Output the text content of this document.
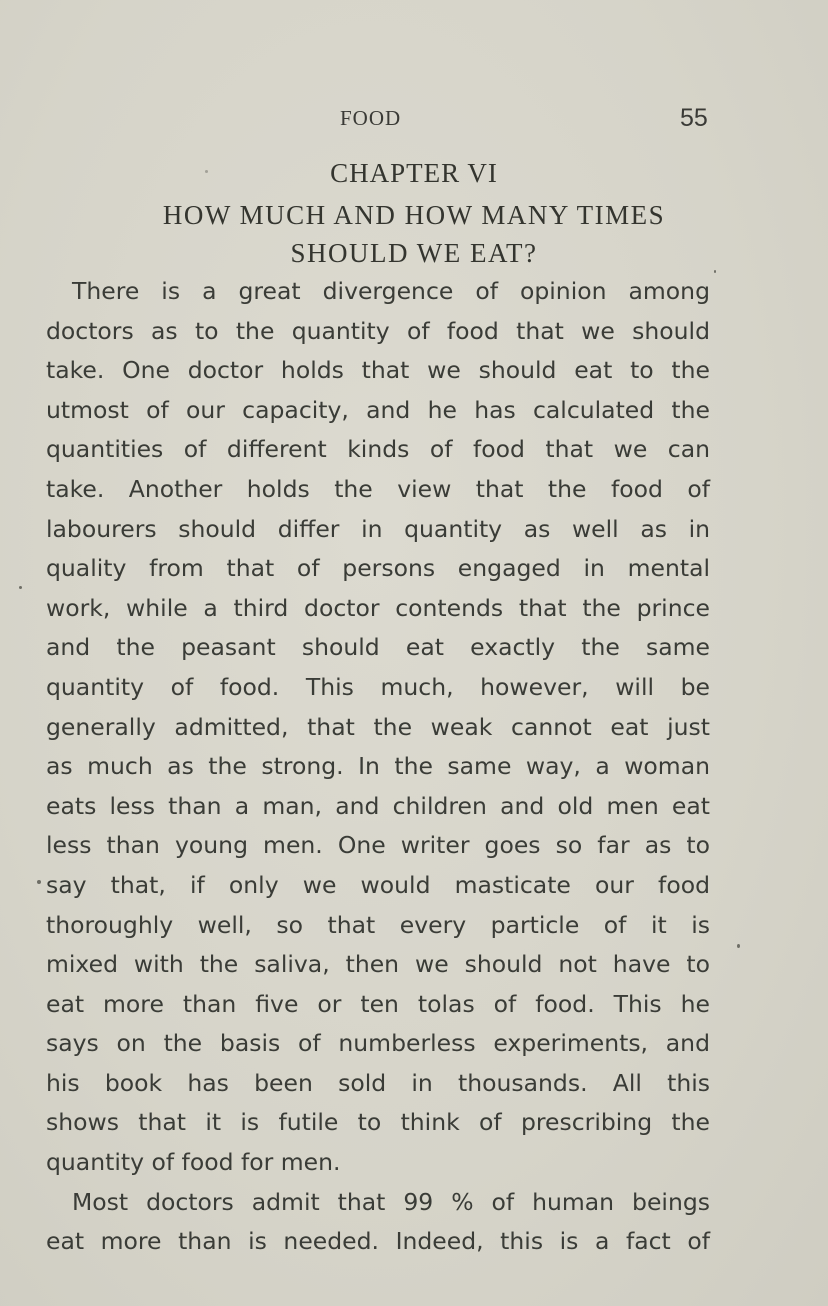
FOOD	55
CHAPTER VI
HOW MUCH AND HOW MANY TIMES
SHOULD WE EAT?
There is a great divergence of opinion among
doctors as to the quantity of food that we should
take. One doctor holds that we should eat to the
utmost of our capacity, and he has calculated the
quantities of different kinds of food that we can
take. Another holds the view that the food of
labourers should differ in quantity as well as in
quality from that of persons engaged in mental
work, while a third doctor contends that the prince
and the peasant should eat exactly the same
quantity of food. This much, however, will be
generally admitted, that the weak cannot eat just
as much as the strong. In the same way, a woman
eats less than a man, and children and old men eat
less than young men. One writer goes so far as to
say that, if only we would masticate our food
thoroughly well, so that every particle of it is
mixed with the saliva, then we should not have to
eat more than five or ten tolas of food. This he
says on the basis of numberless experiments, and
his book has been sold in thousands. All this
shows that it is futile to think of prescribing the
quantity of food for men.
Most doctors admit that 99 % of human beings
eat more than is needed. Indeed, this is a fact of
